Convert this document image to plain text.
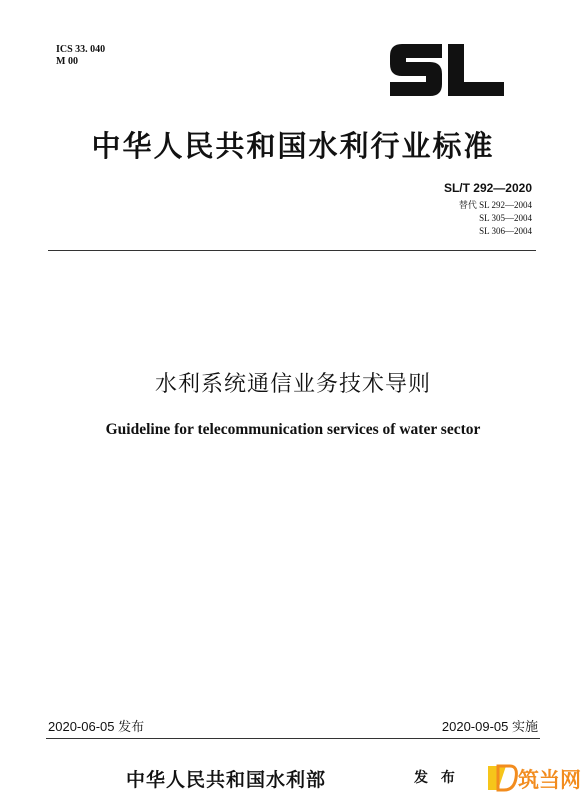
ICS 33. 040
M 00
中华人民共和国水利行业标准
SL/T 292—2020
替代 SL 292—2004
SL 305—2004
SL 306—2004
水利系统通信业务技术导则
Guideline for telecommunication services of water sector
2020-06-05 发布	2020-09-05 实施
中华人民共和国水利部	发 布	筑当网
